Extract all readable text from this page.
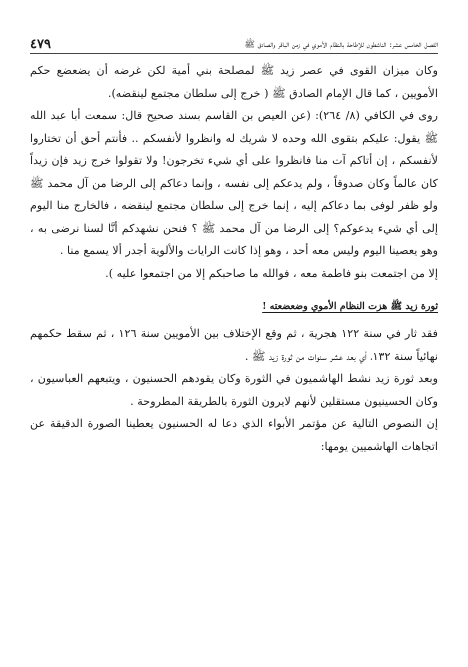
الفصل الخامس عشر: الناشطون للإطاحة بالنظام الأموي في زمن الباقر والصادق ﷺ
٤٧٩

وكان ميزان القوى في عصر زيد ﷺ لمصلحة بني أمية لكن غرضه أن يضعضع حكم الأمويين ، كما قال الإمام الصادق ﷺ ( خرج إلى سلطان مجتمع لينقضه).

روى في الكافي (٨/ ٢٦٤): (عن العيص بن القاسم بسند صحيح قال: سمعت أبا عبد الله ﷺ يقول: عليكم بتقوى الله وحده لا شريك له وانظروا لأنفسكم .. فأنتم أحق أن تختاروا لأنفسكم ، إن أتاكم آت منا فانظروا على أي شيء تخرجون! ولا تقولوا خرج زيد فإن زيداً كان عالماً وكان صدوقاً ، ولم يدعكم إلى نفسه ، وإنما دعاكم إلى الرضا من آل محمد ﷺ ولو ظفر لوفى بما دعاكم إليه ، إنما خرج إلى سلطان مجتمع لينقضه ، فالخارج منا اليوم إلى أي شيء يدعوكم؟ إلى الرضا من آل محمد ﷺ ؟ فنحن نشهدكم أنَّا لسنا نرضى به ، وهو يعصينا اليوم وليس معه أحد ، وهو إذا كانت الرايات والألوية أجدر ألا يسمع منا .

إلا من اجتمعت بنو فاطمة معه ، فوالله ما صاحبكم إلا من اجتمعوا عليه ).

ثورة زيد ﷺ هزت النظام الأموي وضعضعته !

فقد ثار في سنة ١٢٢ هجرية ، ثم وقع الإختلاف بين الأمويين سنة ١٢٦ ، ثم سقط حكمهم نهائياً سنة ١٣٢، أي بعد عشر سنوات من ثورة زيد ﷺ .

وبعد ثورة زيد نشط الهاشميون في الثورة وكان يقودهم الحسنيون ، ويتبعهم العباسيون ، وكان الحسينيون مستقلين لأنهم لايرون الثورة بالطريقة المطروحة .

إن النصوص التالية عن مؤتمر الأبواء الذي دعا له الحسنيون يعطينا الصورة الدقيقة عن اتجاهات الهاشميين يومها:
